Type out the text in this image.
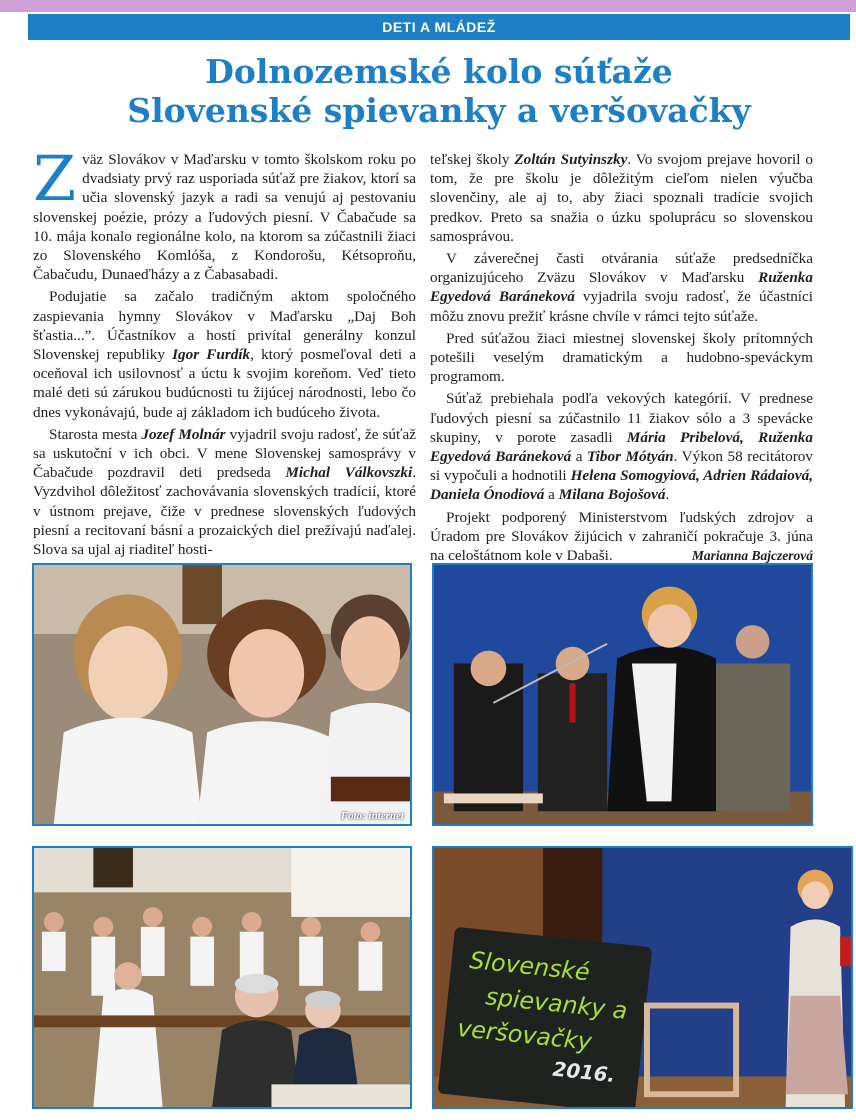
DETI A MLÁDEŽ
Dolnozemské kolo súťaže
Slovenské spievanky a veršovačky

Zväz Slovákov v Maďarsku v tomto školskom roku po dvadsiaty prvý raz usporiada súťaž pre žiakov, ktorí sa učia slovenský jazyk a radi sa venujú aj pestovaniu slovenskej poézie, prózy a ľudových piesní. V Čabačude sa 10. mája konalo regionálne kolo, na ktorom sa zúčastnili žiaci zo Slovenského Komlóša, z Kondorošu, Kétsoproňu, Čabačudu, Dunaeďházy a z Čabasabadi.

Podujatie sa začalo tradičným aktom spoločného zaspievania hymny Slovákov v Maďarsku „Daj Boh šťastia...”. Účastníkov a hostí privítal generálny konzul Slovenskej republiky Igor Furdík, ktorý posmeľoval deti a oceňoval ich usilovnosť a úctu k svojim koreňom. Veď tieto malé deti sú zárukou budúcnosti tu žijúcej národnosti, lebo čo dnes vykonávajú, bude aj základom ich budúceho života.

Starosta mesta Jozef Molnár vyjadril svoju radosť, že súťaž sa uskutoční v ich obci. V mene Slovenskej samosprávy v Čabačude pozdravil deti predseda Michal Válkovszki. Vyzdvihol dôležitosť zachovávania slovenských tradícií, ktoré v ústnom prejave, čiže v prednese slovenských ľudových piesní a recitovaní básní a prozaických diel prežívajú naďalej. Slova sa ujal aj riaditeľ hosti-

teľskej školy Zoltán Sutyinszky. Vo svojom prejave hovoril o tom, že pre školu je dôležitým cieľom nielen výučba slovenčiny, ale aj to, aby žiaci spoznali tradície svojich predkov. Preto sa snažia o úzku spoluprácu so slovenskou samosprávou.

V záverečnej časti otvárania súťaže predsedníčka organizujúceho Zväzu Slovákov v Maďarsku Ruženka Egyedová Baráneková vyjadrila svoju radosť, že účastníci môžu znovu prežiť krásne chvíle v rámci tejto súťaže.

Pred súťažou žiaci miestnej slovenskej školy prítomných potešili veselým dramatickým a hudobno-speváckym programom.

Súťaž prebiehala podľa vekových kategórií. V prednese ľudových piesní sa zúčastnilo 11 žiakov sólo a 3 spevácke skupiny, v porote zasadli Mária Pribelová, Ruženka Egyedová Baráneková a Tibor Mótyán. Výkon 58 recitátorov si vypočuli a hodnotili Helena Somogyiová, Adrien Rádaiová, Daniela Ónodiová a Milana Bojošová.

Projekt podporený Ministerstvom ľudských zdrojov a Úradom pre Slovákov žijúcich v zahraničí pokračuje 3. júna na celoštátnom kole v Dabaši.	Marianna Bajczerová

Foto: internet
Slovenské
spievanky a
veršovačky
2016.
